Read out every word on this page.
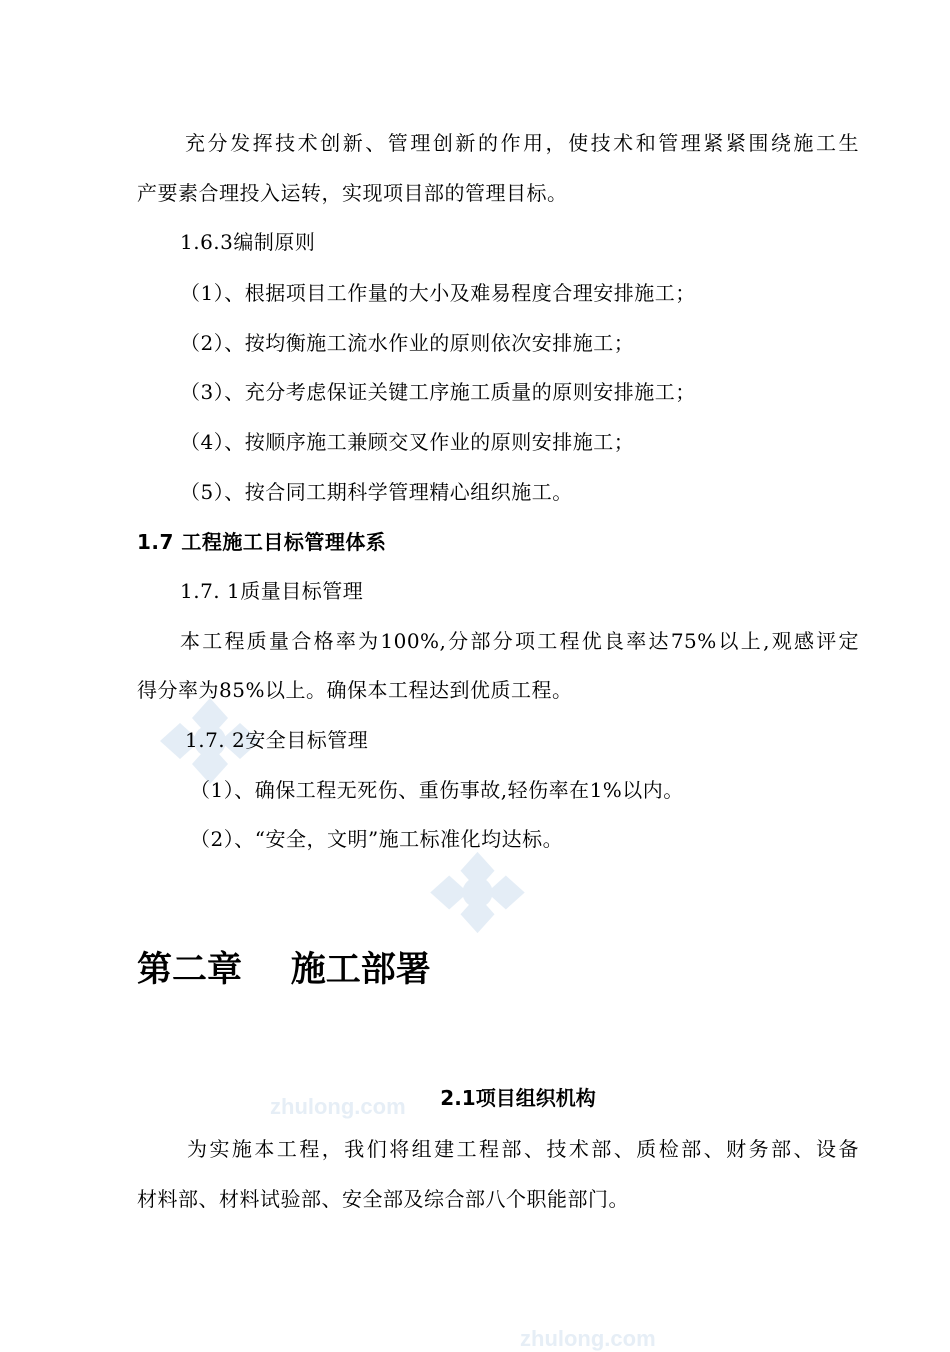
zhulong.com
zhulong.com
充分发挥技术创新、管理创新的作用，使技术和管理紧紧围绕施工生
产要素合理投入运转，实现项目部的管理目标。
1.6.3编制原则
（1）、根据项目工作量的大小及难易程度合理安排施工；
（2）、按均衡施工流水作业的原则依次安排施工；
（3）、充分考虑保证关键工序施工质量的原则安排施工；
（4）、按顺序施工兼顾交叉作业的原则安排施工；
（5）、按合同工期科学管理精心组织施工。
1.7 工程施工目标管理体系
1.7. 1质量目标管理
本工程质量合格率为100%,分部分项工程优良率达75%以上,观感评定
得分率为85%以上。确保本工程达到优质工程。
1.7. 2安全目标管理
（1）、确保工程无死伤、重伤事故,轻伤率在1%以内。
（2）、“安全，文明”施工标准化均达标。
第二章    施工部署
2.1项目组织机构
为实施本工程，我们将组建工程部、技术部、质检部、财务部、设备
材料部、材料试验部、安全部及综合部八个职能部门。
